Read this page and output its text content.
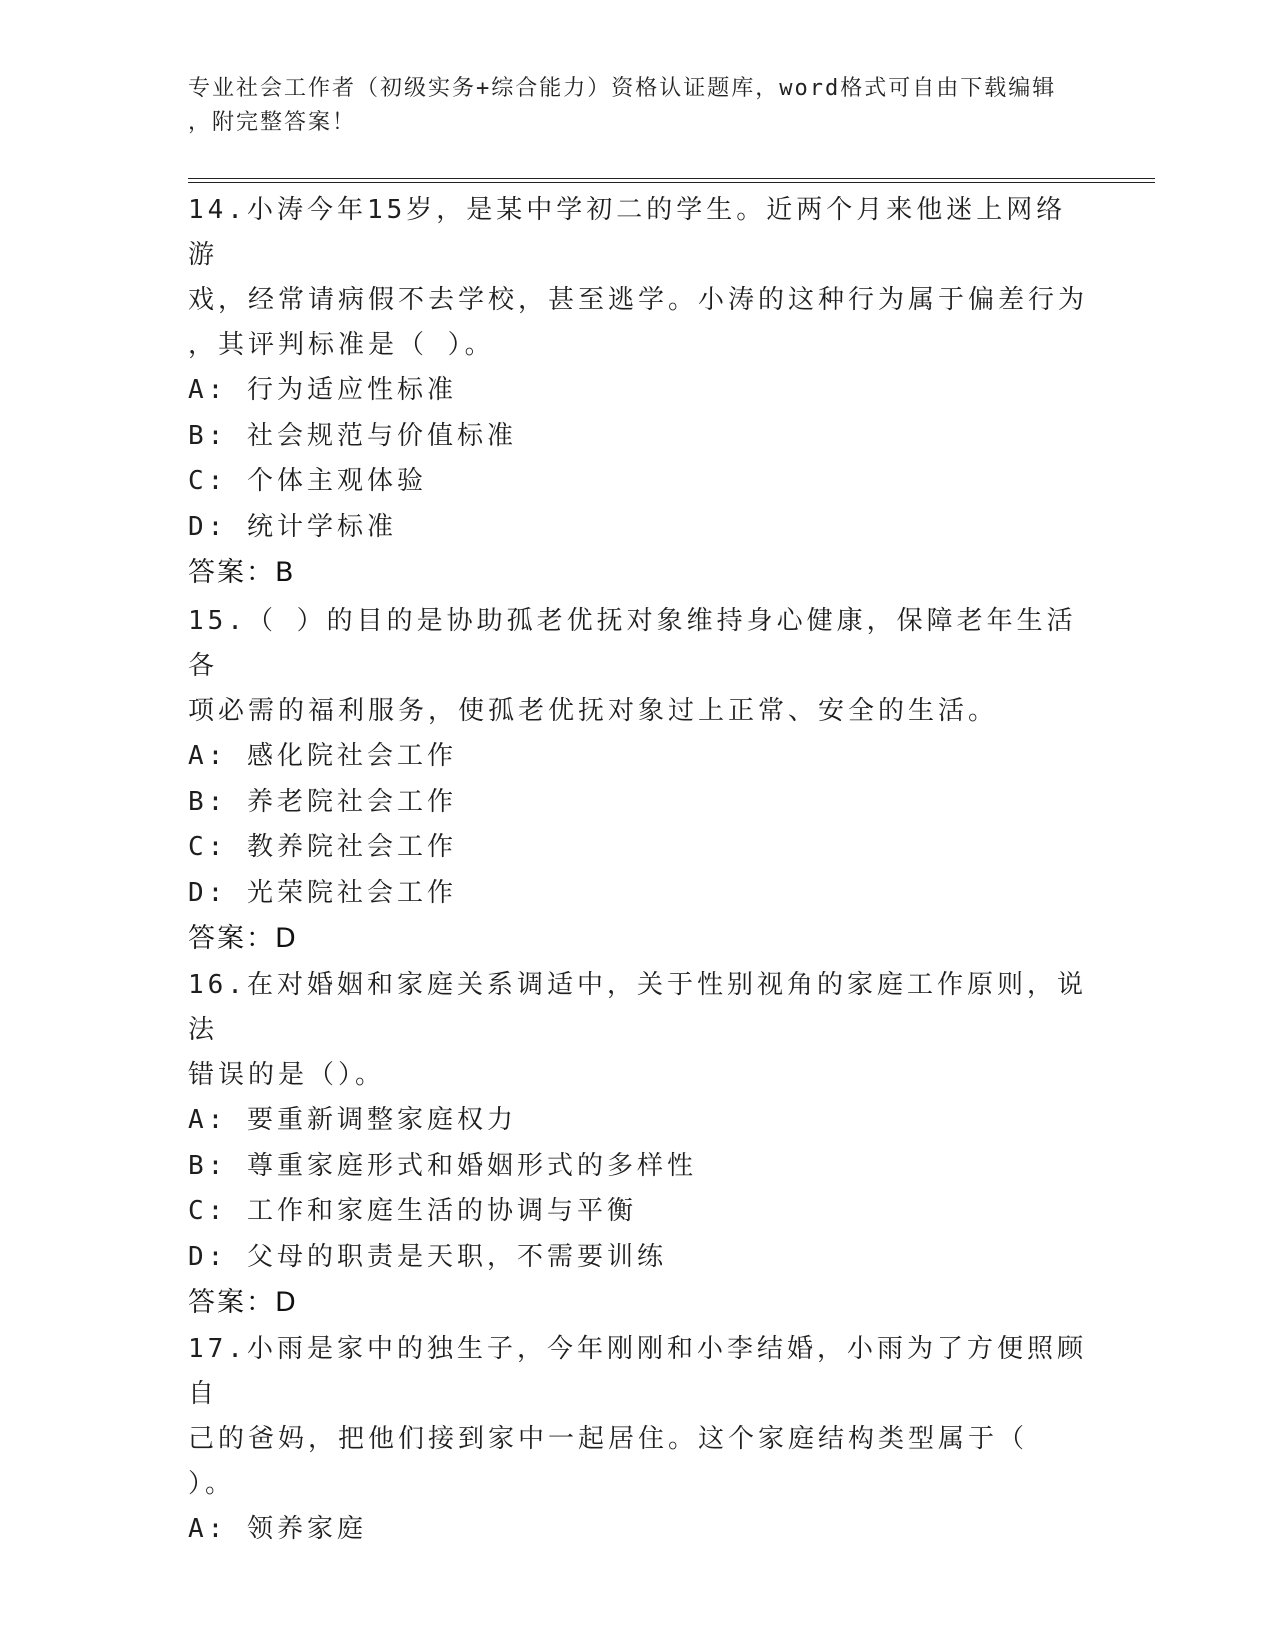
专业社会工作者（初级实务+综合能力）资格认证题库，word格式可自由下载编辑
，附完整答案！

14.小涛今年15岁，是某中学初二的学生。近两个月来他迷上网络游

戏，经常请病假不去学校，甚至逃学。小涛的这种行为属于偏差行为

，其评判标准是（ ）。

A: 行为适应性标准

B: 社会规范与价值标准

C: 个体主观体验

D: 统计学标准

答案：B

15.（ ）的目的是协助孤老优抚对象维持身心健康，保障老年生活各

项必需的福利服务，使孤老优抚对象过上正常、安全的生活。

A: 感化院社会工作

B: 养老院社会工作

C: 教养院社会工作

D: 光荣院社会工作

答案：D

16.在对婚姻和家庭关系调适中，关于性别视角的家庭工作原则，说法

错误的是（）。

A: 要重新调整家庭权力

B: 尊重家庭形式和婚姻形式的多样性

C: 工作和家庭生活的协调与平衡

D: 父母的职责是天职，不需要训练

答案：D

17.小雨是家中的独生子，今年刚刚和小李结婚，小雨为了方便照顾自

己的爸妈，把他们接到家中一起居住。这个家庭结构类型属于（ ）。

A: 领养家庭
